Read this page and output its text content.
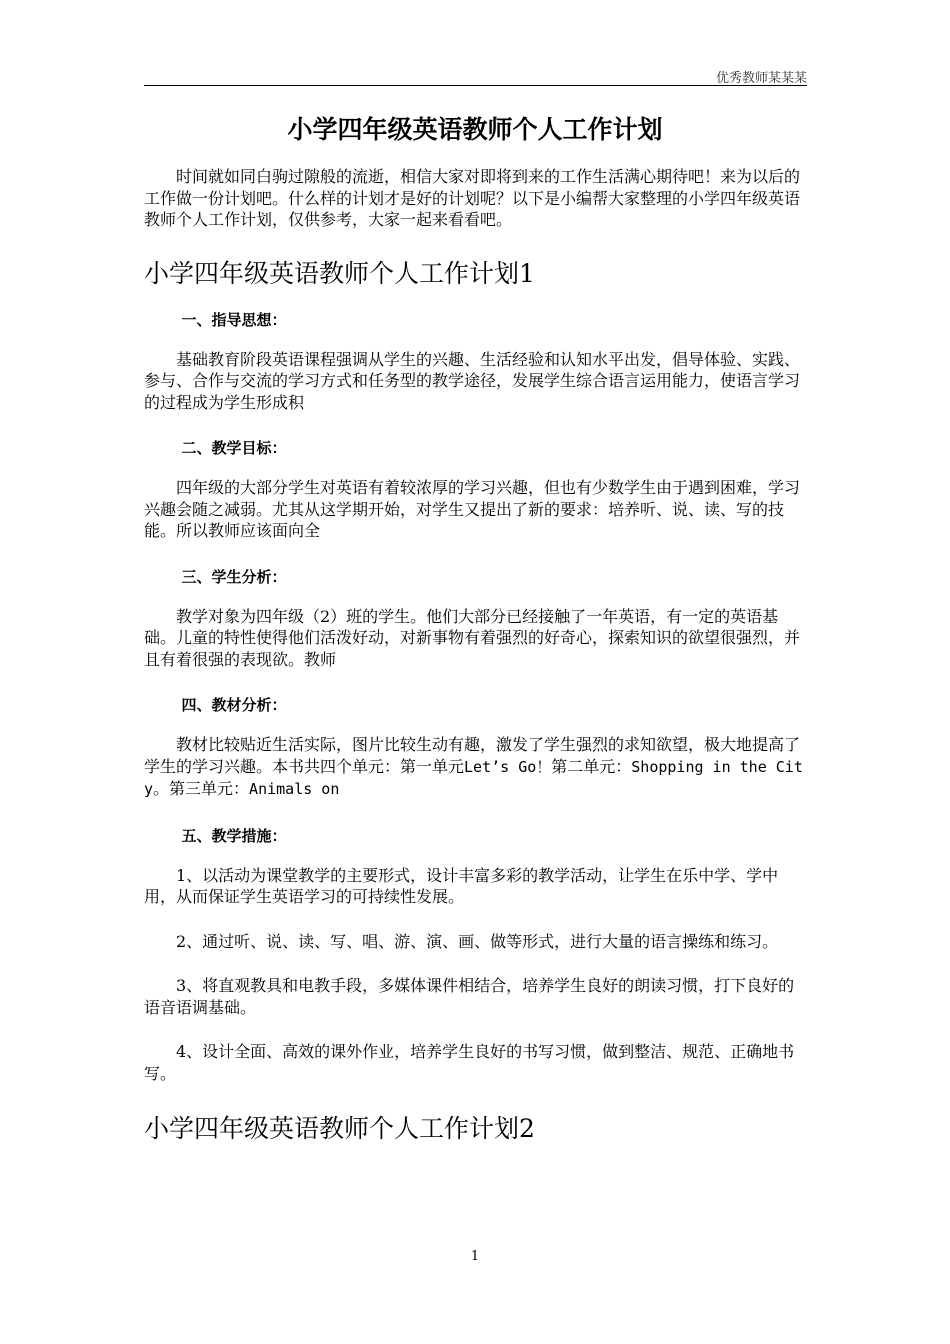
优秀教师某某某
小学四年级英语教师个人工作计划

时间就如同白驹过隙般的流逝，相信大家对即将到来的工作生活满心期待吧！来为以后的工作做一份计划吧。什么样的计划才是好的计划呢？以下是小编帮大家整理的小学四年级英语教师个人工作计划，仅供参考，大家一起来看看吧。

小学四年级英语教师个人工作计划1

一、指导思想：

基础教育阶段英语课程强调从学生的兴趣、生活经验和认知水平出发，倡导体验、实践、参与、合作与交流的学习方式和任务型的教学途径，发展学生综合语言运用能力，使语言学习的过程成为学生形成积

二、教学目标：

四年级的大部分学生对英语有着较浓厚的学习兴趣，但也有少数学生由于遇到困难，学习兴趣会随之减弱。尤其从这学期开始，对学生又提出了新的要求：培养听、说、读、写的技能。所以教师应该面向全

三、学生分析：

教学对象为四年级（2）班的学生。他们大部分已经接触了一年英语，有一定的英语基础。儿童的特性使得他们活泼好动，对新事物有着强烈的好奇心，探索知识的欲望很强烈，并且有着很强的表现欲。教师

四、教材分析：

教材比较贴近生活实际，图片比较生动有趣，激发了学生强烈的求知欲望，极大地提高了学生的学习兴趣。本书共四个单元：第一单元Let’s Go！第二单元：Shopping in the City。第三单元：Animals on

五、教学措施：

1、以活动为课堂教学的主要形式，设计丰富多彩的教学活动，让学生在乐中学、学中用，从而保证学生英语学习的可持续性发展。

2、通过听、说、读、写、唱、游、演、画、做等形式，进行大量的语言操练和练习。

3、将直观教具和电教手段，多媒体课件相结合，培养学生良好的朗读习惯，打下良好的语音语调基础。

4、设计全面、高效的课外作业，培养学生良好的书写习惯，做到整洁、规范、正确地书写。

小学四年级英语教师个人工作计划2
1
